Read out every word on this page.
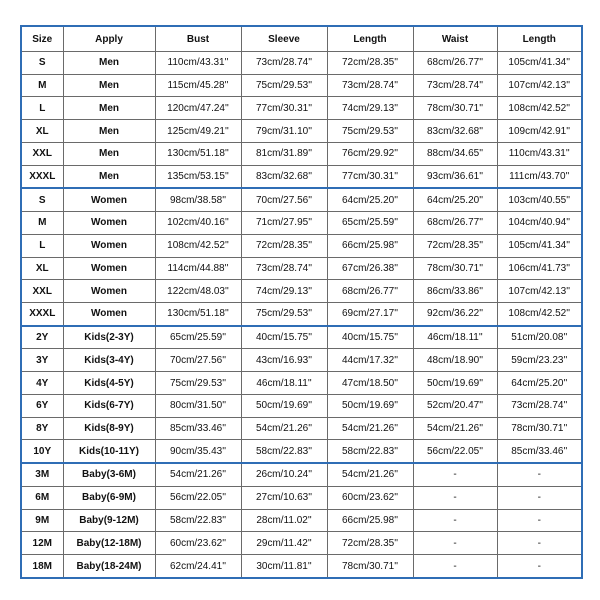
Size	Apply	Bust	Sleeve	Length	Waist	Length
S	Men	110cm/43.31''	73cm/28.74''	72cm/28.35''	68cm/26.77''	105cm/41.34''
M	Men	115cm/45.28''	75cm/29.53''	73cm/28.74''	73cm/28.74''	107cm/42.13''
L	Men	120cm/47.24''	77cm/30.31''	74cm/29.13''	78cm/30.71''	108cm/42.52''
XL	Men	125cm/49.21''	79cm/31.10''	75cm/29.53''	83cm/32.68''	109cm/42.91''
XXL	Men	130cm/51.18''	81cm/31.89''	76cm/29.92''	88cm/34.65''	110cm/43.31''
XXXL	Men	135cm/53.15''	83cm/32.68''	77cm/30.31''	93cm/36.61''	111cm/43.70''
S	Women	98cm/38.58''	70cm/27.56''	64cm/25.20''	64cm/25.20''	103cm/40.55''
M	Women	102cm/40.16''	71cm/27.95''	65cm/25.59''	68cm/26.77''	104cm/40.94''
L	Women	108cm/42.52''	72cm/28.35''	66cm/25.98''	72cm/28.35''	105cm/41.34''
XL	Women	114cm/44.88''	73cm/28.74''	67cm/26.38''	78cm/30.71''	106cm/41.73''
XXL	Women	122cm/48.03''	74cm/29.13''	68cm/26.77''	86cm/33.86''	107cm/42.13''
XXXL	Women	130cm/51.18''	75cm/29.53''	69cm/27.17''	92cm/36.22''	108cm/42.52''
2Y	Kids(2-3Y)	65cm/25.59''	40cm/15.75''	40cm/15.75''	46cm/18.11''	51cm/20.08''
3Y	Kids(3-4Y)	70cm/27.56''	43cm/16.93''	44cm/17.32''	48cm/18.90''	59cm/23.23''
4Y	Kids(4-5Y)	75cm/29.53''	46cm/18.11''	47cm/18.50''	50cm/19.69''	64cm/25.20''
6Y	Kids(6-7Y)	80cm/31.50''	50cm/19.69''	50cm/19.69''	52cm/20.47''	73cm/28.74''
8Y	Kids(8-9Y)	85cm/33.46''	54cm/21.26''	54cm/21.26''	54cm/21.26''	78cm/30.71''
10Y	Kids(10-11Y)	90cm/35.43''	58cm/22.83''	58cm/22.83''	56cm/22.05''	85cm/33.46''
3M	Baby(3-6M)	54cm/21.26''	26cm/10.24''	54cm/21.26''	-	-
6M	Baby(6-9M)	56cm/22.05''	27cm/10.63''	60cm/23.62''	-	-
9M	Baby(9-12M)	58cm/22.83''	28cm/11.02''	66cm/25.98''	-	-
12M	Baby(12-18M)	60cm/23.62''	29cm/11.42''	72cm/28.35''	-	-
18M	Baby(18-24M)	62cm/24.41''	30cm/11.81''	78cm/30.71''	-	-
